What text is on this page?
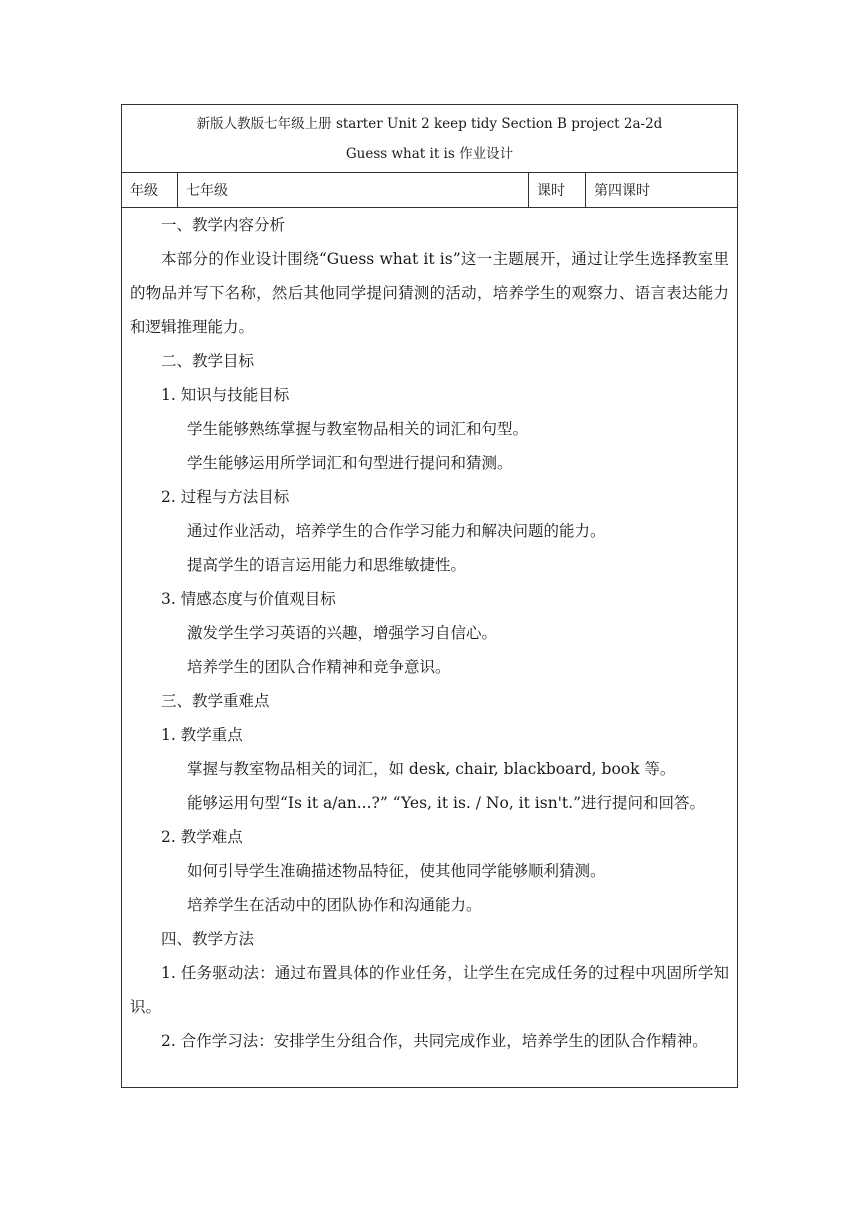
新版人教版七年级上册 starter Unit 2 keep tidy Section B project 2a-2d
Guess what it is 作业设计
年级	七年级	课时	第四课时
一、教学内容分析
本部分的作业设计围绕“Guess what it is”这一主题展开，通过让学生选择教室里的物品并写下名称，然后其他同学提问猜测的活动，培养学生的观察力、语言表达能力和逻辑推理能力。
二、教学目标
1. 知识与技能目标
学生能够熟练掌握与教室物品相关的词汇和句型。
学生能够运用所学词汇和句型进行提问和猜测。
2. 过程与方法目标
通过作业活动，培养学生的合作学习能力和解决问题的能力。
提高学生的语言运用能力和思维敏捷性。
3. 情感态度与价值观目标
激发学生学习英语的兴趣，增强学习自信心。
培养学生的团队合作精神和竞争意识。
三、教学重难点
1. 教学重点
掌握与教室物品相关的词汇，如 desk, chair, blackboard, book 等。
能够运用句型“Is it a/an...?” “Yes, it is. / No, it isn't.”进行提问和回答。
2. 教学难点
如何引导学生准确描述物品特征，使其他同学能够顺利猜测。
培养学生在活动中的团队协作和沟通能力。
四、教学方法
1. 任务驱动法：通过布置具体的作业任务，让学生在完成任务的过程中巩固所学知识。
2. 合作学习法：安排学生分组合作，共同完成作业，培养学生的团队合作精神。
